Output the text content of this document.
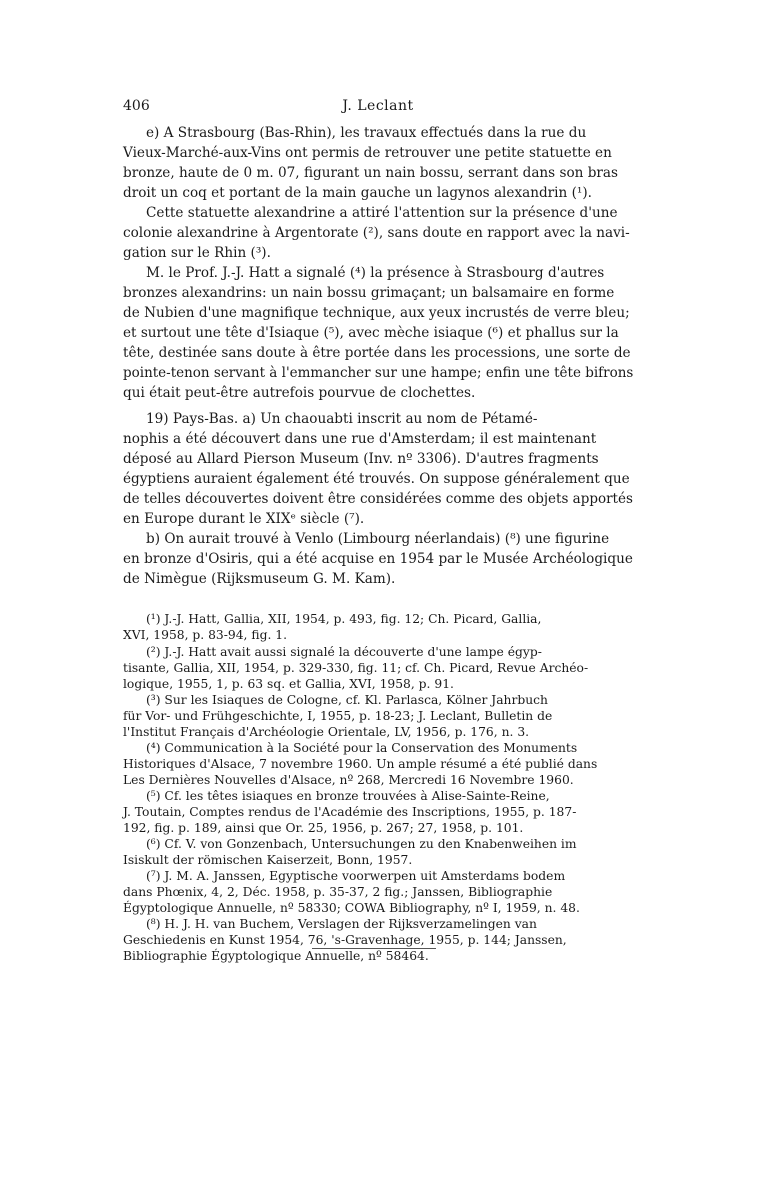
406	J. Leclant
e) A Strasbourg (Bas-Rhin), les travaux effectués dans la rue du
Vieux-Marché-aux-Vins ont permis de retrouver une petite statuette en
bronze, haute de 0 m. 07, figurant un nain bossu, serrant dans son bras
droit un coq et portant de la main gauche un lagynos alexandrin (¹).
Cette statuette alexandrine a attiré l'attention sur la présence d'une
colonie alexandrine à Argentorate (²), sans doute en rapport avec la navi-
gation sur le Rhin (³).
M. le Prof. J.-J. Hatt a signalé (⁴) la présence à Strasbourg d'autres
bronzes alexandrins: un nain bossu grimaçant; un balsamaire en forme
de Nubien d'une magnifique technique, aux yeux incrustés de verre bleu;
et surtout une tête d'Isiaque (⁵), avec mèche isiaque (⁶) et phallus sur la
tête, destinée sans doute à être portée dans les processions, une sorte de
pointe-tenon servant à l'emmancher sur une hampe; enfin une tête bifrons
qui était peut-être autrefois pourvue de clochettes.
19) Pays-Bas. a) Un chaouabti inscrit au nom de Pétamé-
nophis a été découvert dans une rue d'Amsterdam; il est maintenant
déposé au Allard Pierson Museum (Inv. nº 3306). D'autres fragments
égyptiens auraient également été trouvés. On suppose généralement que
de telles découvertes doivent être considérées comme des objets apportés
en Europe durant le XIXᵉ siècle (⁷).
b) On aurait trouvé à Venlo (Limbourg néerlandais) (⁸) une figurine
en bronze d'Osiris, qui a été acquise en 1954 par le Musée Archéologique
de Nimègue (Rijksmuseum G. M. Kam).
(¹) J.-J. Hatt, Gallia, XII, 1954, p. 493, fig. 12; Ch. Picard, Gallia,
XVI, 1958, p. 83-94, fig. 1.
(²) J.-J. Hatt avait aussi signalé la découverte d'une lampe égyp-
tisante, Gallia, XII, 1954, p. 329-330, fig. 11; cf. Ch. Picard, Revue Archéo-
logique, 1955, 1, p. 63 sq. et Gallia, XVI, 1958, p. 91.
(³) Sur les Isiaques de Cologne, cf. Kl. Parlasca, Kölner Jahrbuch
für Vor- und Frühgeschichte, I, 1955, p. 18-23; J. Leclant, Bulletin de
l'Institut Français d'Archéologie Orientale, LV, 1956, p. 176, n. 3.
(⁴) Communication à la Société pour la Conservation des Monuments
Historiques d'Alsace, 7 novembre 1960. Un ample résumé a été publié dans
Les Dernières Nouvelles d'Alsace, nº 268, Mercredi 16 Novembre 1960.
(⁵) Cf. les têtes isiaques en bronze trouvées à Alise-Sainte-Reine,
J. Toutain, Comptes rendus de l'Académie des Inscriptions, 1955, p. 187-
192, fig. p. 189, ainsi que Or. 25, 1956, p. 267; 27, 1958, p. 101.
(⁶) Cf. V. von Gonzenbach, Untersuchungen zu den Knabenweihen im
Isiskult der römischen Kaiserzeit, Bonn, 1957.
(⁷) J. M. A. Janssen, Egyptische voorwerpen uit Amsterdams bodem
dans Phœnix, 4, 2, Déc. 1958, p. 35-37, 2 fig.; Janssen, Bibliographie
Égyptologique Annuelle, nº 58330; COWA Bibliography, nº I, 1959, n. 48.
(⁸) H. J. H. van Buchem, Verslagen der Rijksverzamelingen van
Geschiedenis en Kunst 1954, 76, 's-Gravenhage, 1955, p. 144; Janssen,
Bibliographie Égyptologique Annuelle, nº 58464.
